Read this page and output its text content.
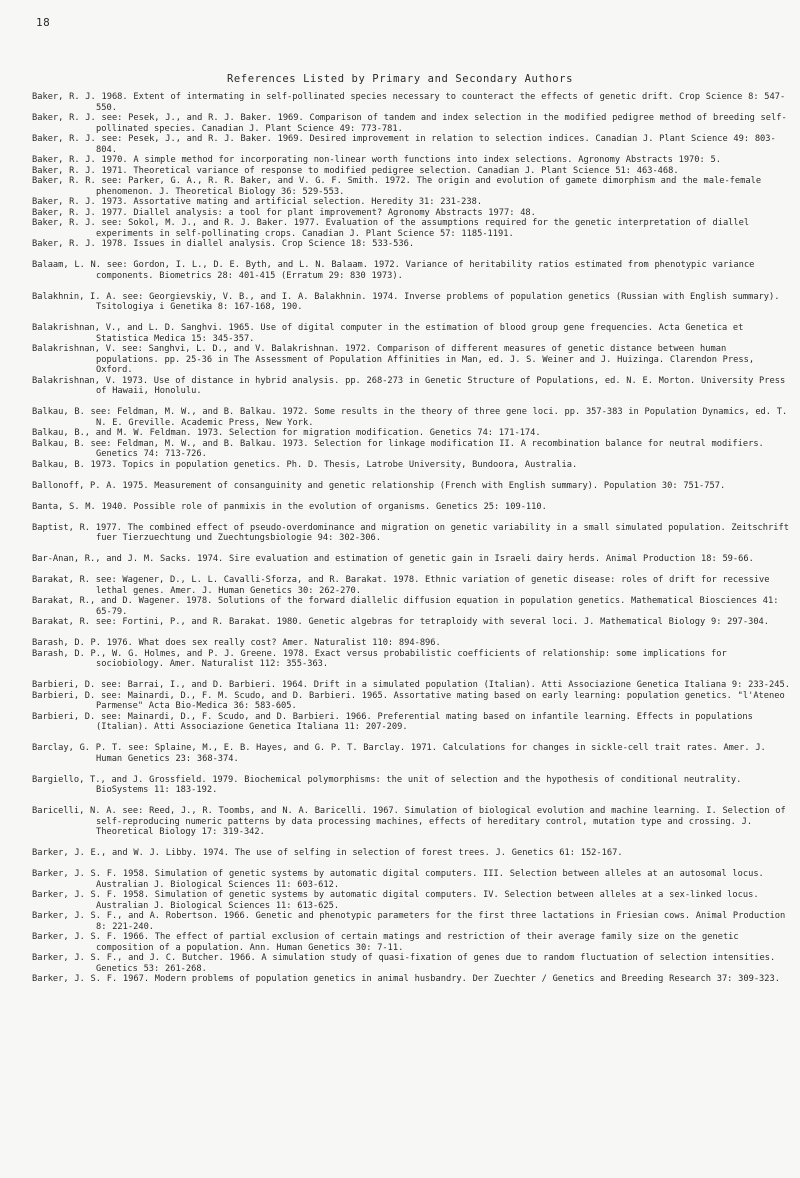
18
References Listed by Primary and Secondary Authors
Baker, R. J. 1968. Extent of intermating in self-pollinated species necessary to counteract the effects of genetic drift. Crop Science 8: 547-550.
Baker, R. J. see: Pesek, J., and R. J. Baker. 1969. Comparison of tandem and index selection in the modified pedigree method of breeding self-pollinated species. Canadian J. Plant Science 49: 773-781.
Baker, R. J. see: Pesek, J., and R. J. Baker. 1969. Desired improvement in relation to selection indices. Canadian J. Plant Science 49: 803-804.
Baker, R. J. 1970. A simple method for incorporating non-linear worth functions into index selections. Agronomy Abstracts 1970: 5.
Baker, R. J. 1971. Theoretical variance of response to modified pedigree selection. Canadian J. Plant Science 51: 463-468.
Baker, R. R. see: Parker, G. A., R. R. Baker, and V. G. F. Smith. 1972. The origin and evolution of gamete dimorphism and the male-female phenomenon. J. Theoretical Biology 36: 529-553.
Baker, R. J. 1973. Assortative mating and artificial selection. Heredity 31: 231-238.
Baker, R. J. 1977. Diallel analysis: a tool for plant improvement? Agronomy Abstracts 1977: 48.
Baker, R. J. see: Sokol, M. J., and R. J. Baker. 1977. Evaluation of the assumptions required for the genetic interpretation of diallel experiments in self-pollinating crops. Canadian J. Plant Science 57: 1185-1191.
Baker, R. J. 1978. Issues in diallel analysis. Crop Science 18: 533-536.
Balaam, L. N. see: Gordon, I. L., D. E. Byth, and L. N. Balaam. 1972. Variance of heritability ratios estimated from phenotypic variance components. Biometrics 28: 401-415 (Erratum 29: 830 1973).
Balakhnin, I. A. see: Georgievskiy, V. B., and I. A. Balakhnin. 1974. Inverse problems of population genetics (Russian with English summary). Tsitologiya i Genetika 8: 167-168, 190.
Balakrishnan, V., and L. D. Sanghvi. 1965. Use of digital computer in the estimation of blood group gene frequencies. Acta Genetica et Statistica Medica 15: 345-357.
Balakrishnan, V. see: Sanghvi, L. D., and V. Balakrishnan. 1972. Comparison of different measures of genetic distance between human populations. pp. 25-36 in The Assessment of Population Affinities in Man, ed. J. S. Weiner and J. Huizinga. Clarendon Press, Oxford.
Balakrishnan, V. 1973. Use of distance in hybrid analysis. pp. 268-273 in Genetic Structure of Populations, ed. N. E. Morton. University Press of Hawaii, Honolulu.
Balkau, B. see: Feldman, M. W., and B. Balkau. 1972. Some results in the theory of three gene loci. pp. 357-383 in Population Dynamics, ed. T. N. E. Greville. Academic Press, New York.
Balkau, B., and M. W. Feldman. 1973. Selection for migration modification. Genetics 74: 171-174.
Balkau, B. see: Feldman, M. W., and B. Balkau. 1973. Selection for linkage modification II. A recombination balance for neutral modifiers. Genetics 74: 713-726.
Balkau, B. 1973. Topics in population genetics. Ph. D. Thesis, Latrobe University, Bundoora, Australia.
Ballonoff, P. A. 1975. Measurement of consanguinity and genetic relationship (French with English summary). Population 30: 751-757.
Banta, S. M. 1940. Possible role of panmixis in the evolution of organisms. Genetics 25: 109-110.
Baptist, R. 1977. The combined effect of pseudo-overdominance and migration on genetic variability in a small simulated population. Zeitschrift fuer Tierzuechtung und Zuechtungsbiologie 94: 302-306.
Bar-Anan, R., and J. M. Sacks. 1974. Sire evaluation and estimation of genetic gain in Israeli dairy herds. Animal Production 18: 59-66.
Barakat, R. see: Wagener, D., L. L. Cavalli-Sforza, and R. Barakat. 1978. Ethnic variation of genetic disease: roles of drift for recessive lethal genes. Amer. J. Human Genetics 30: 262-270.
Barakat, R., and D. Wagener. 1978. Solutions of the forward diallelic diffusion equation in population genetics. Mathematical Biosciences 41: 65-79.
Barakat, R. see: Fortini, P., and R. Barakat. 1980. Genetic algebras for tetraploidy with several loci. J. Mathematical Biology 9: 297-304.
Barash, D. P. 1976. What does sex really cost? Amer. Naturalist 110: 894-896.
Barash, D. P., W. G. Holmes, and P. J. Greene. 1978. Exact versus probabilistic coefficients of relationship: some implications for sociobiology. Amer. Naturalist 112: 355-363.
Barbieri, D. see: Barrai, I., and D. Barbieri. 1964. Drift in a simulated population (Italian). Atti Associazione Genetica Italiana 9: 233-245.
Barbieri, D. see: Mainardi, D., F. M. Scudo, and D. Barbieri. 1965. Assortative mating based on early learning: population genetics. "l'Ateneo Parmense" Acta Bio-Medica 36: 583-605.
Barbieri, D. see: Mainardi, D., F. Scudo, and D. Barbieri. 1966. Preferential mating based on infantile learning. Effects in populations (Italian). Atti Associazione Genetica Italiana 11: 207-209.
Barclay, G. P. T. see: Splaine, M., E. B. Hayes, and G. P. T. Barclay. 1971. Calculations for changes in sickle-cell trait rates. Amer. J. Human Genetics 23: 368-374.
Bargiello, T., and J. Grossfield. 1979. Biochemical polymorphisms: the unit of selection and the hypothesis of conditional neutrality. BioSystems 11: 183-192.
Baricelli, N. A. see: Reed, J., R. Toombs, and N. A. Baricelli. 1967. Simulation of biological evolution and machine learning. I. Selection of self-reproducing numeric patterns by data processing machines, effects of hereditary control, mutation type and crossing. J. Theoretical Biology 17: 319-342.
Barker, J. E., and W. J. Libby. 1974. The use of selfing in selection of forest trees. J. Genetics 61: 152-167.
Barker, J. S. F. 1958. Simulation of genetic systems by automatic digital computers. III. Selection between alleles at an autosomal locus. Australian J. Biological Sciences 11: 603-612.
Barker, J. S. F. 1958. Simulation of genetic systems by automatic digital computers. IV. Selection between alleles at a sex-linked locus. Australian J. Biological Sciences 11: 613-625.
Barker, J. S. F., and A. Robertson. 1966. Genetic and phenotypic parameters for the first three lactations in Friesian cows. Animal Production 8: 221-240.
Barker, J. S. F. 1966. The effect of partial exclusion of certain matings and restriction of their average family size on the genetic composition of a population. Ann. Human Genetics 30: 7-11.
Barker, J. S. F., and J. C. Butcher. 1966. A simulation study of quasi-fixation of genes due to random fluctuation of selection intensities. Genetics 53: 261-268.
Barker, J. S. F. 1967. Modern problems of population genetics in animal husbandry. Der Zuechter / Genetics and Breeding Research 37: 309-323.
